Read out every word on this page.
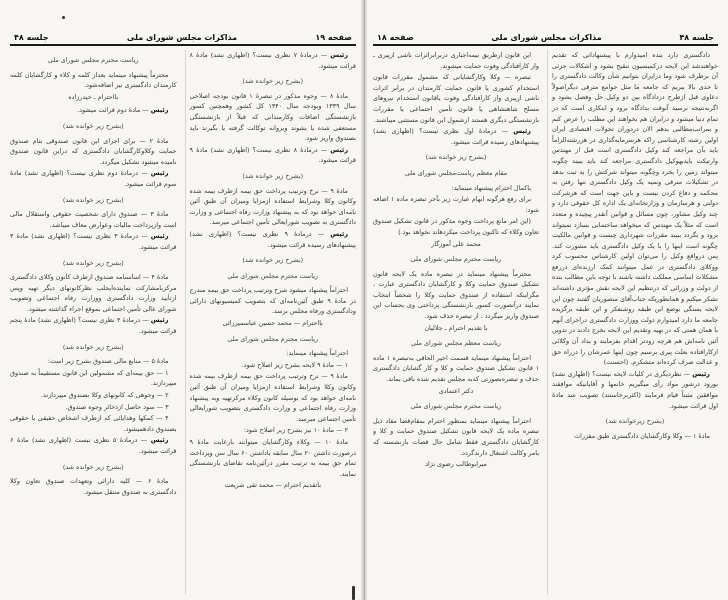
صفحه ۱۹
مذاکرات مجلس شورای ملی
جلسه ۴۸

رئیس — درمادهٔ ۷ نظری نیست؟ (اظهاری نشد) مادهٔ ۸ قرائت میشود.

(بشرح زیر خوانده شد)

مادهٔ ۸ — وجوه مذکور در تبصرهٔ ۱ قانون بودجه اصلاحی سال ۱۳۳۹ وبودجه سال ۱۳۴۰ کل کشور وهمچنین کسور بازنشستگی اضافات وکارمندانی که قبلاً از بازنشستگی مستعفی شده یا بشوند ویروانه توکالت گرفته یا بگیرند باید بصندوق واریز شود.

رئیس — درمادهٔ ۸ نظری نیست؟ (اظهاری نشد) مادهٔ ۹ قرائت میشود.

(بشرح زیر خوانده شد)

مادهٔ ۹ — نرخ وترتیب پرداخت حق بیمه ازطرف بیمه شده وکانون وکلا وشرایط استفاده ازمزایا ومیزان آن طبق آئین نامه‌ای خواهد بود که به پیشنهاد وزارت رفاه اجتماعی و وزارت دادگستری به تصویب شورایعالی تأمین اجتماعی میرسد.

رئیس — درمادهٔ ۹ نظری نیست؟ (اظهاری نشد) پیشنهادهای رسیده قرائت میشود.

(بشرح زیر خوانده شد)

ریاست محترم مجلس شورای ملی

احتراماً پیشنهاد میشود شرح وترتیب پرداخت حق بیمه مندرج در مادهٔ ۹ طبق آئین‌نامه‌ای که بتصویب کمیسیونهای دارائی ودادگستری ورفاه مجلس برسد.

بااحترام — محمد حسین عباسمیرزائی

ریاست محترم مجلس شورای ملی

احتراماً پیشنهاد مینماید:

۱ — مادهٔ ۹ لایحه بشرح زیر اصلاح شود.

مادهٔ ۹ — نرخ وترتیب پرداخت حق بیمه ازطرف بیمه شده وکانون وکلا وشرایط استفاده ازمزایا ومیزان آن طبق آئین نامه‌ای خواهد بود که بوسیله کانون وکلاء مرکزتهیه وبه پیشنهاد وزارت رفاه اجتماعی و وزارت دادگستری بتصویب شورایعالی تأمین اجتماعی میرسد.

۲ — مادهٔ ۱۰ نیز بشرح زیر اصلاح شود:

مادهٔ ۱۰ — وکلاء وکارگشایان میتوانند بارعایت مادهٔ ۹ درصورت داشتن ۲۰ سال سابقه باداشتن ۶۰ سال سن وپرداخت تمام حق بیمه به ترتیب مقرر درآئین‌نامه تقاضای بازنشستگی نمایند.

باتقدیم احترام — محمد تقی شریعت

ریاست محترم مجلس شورای ملی

محترماً پیشنهاد مینماید بعداز کلمه و کلاء و کارگشایان کلمه کارمندان دادگستری نیز اضافه‌شود.

بااحترام ـ حیدرزاده

رئیس — مادهٔ دوم قرائت میشود.

(بشرح زیر خوانده شد)

مادهٔ ۲ — برای اجرای این قانون صندوقی بنام صندوق حمایت وکلاوکارگشایان دادگستری که دراین قانون صندوق نامیده میشود تشکیل میگردد.

رئیس — درمادهٔ دوم نظری نیست؟ (اظهاری نشد) مادهٔ سوم قرائت میشود.

(بشرح زیر خوانده شد)

مادهٔ ۳ — صندوق دارای شخصیت حقوقی واستقلال مالی است وازپرداخت مالیات وعوارض معاف میباشد.

رئیس — درمادهٔ ۳ نظری نیست؟ (اظهاری نشد) مادهٔ ۴ قرائت میشود.

(بشرح زیر خوانده شد)

مادهٔ ۴ — اساسنامه صندوق ازطرف کانون وکلای دادگستری مرکزبامشارکت نماینده‌ایجلب نظرکانونهای دیگر تهیه وپس ازتأیید وزارت دادگستری ووزارت رفاه اجتماعی وتصویب شورای عالی تأمین اجتماعی بموقع اجراء گذاشته میشود.

رئیس — درمادهٔ ۴ نظری نیست؟ (اظهاری نشد) مادهٔ پنجم قرائت میشود.

(بشرح زیر خوانده شد)

مادهٔ ۵ — منابع مالی صندوق بشرح زیر است:

۱ — حق بیمه‌ای که مشمولین این قانون مستقیماً به صندوق میپردازند.

۲ — وجوهی که کانونهای وکلا بصندوق میپردازند.

۳ — سود حاصل ازذخائر وجوه صندوق.

۴ — کمکها وهدایائی که ازطرف اشخاص حقیقی یا حقوقی بصندوق دادهمیشود.

رئیس — درمادهٔ ۵ نظری نیست (اظهاری نشد) مادهٔ ۶ قرائت میشود.

(بشرح زیر خوانده شد)

مادهٔ ۶ — کلیه دارائی وتعهدات صندوق تعاون وکلا دادگستری به صندوق منتقل میشود.

جلسه ۴۸
مذاکرات مجلس شورای ملی
صفحه ۱۸

دادگستری دارد بنده امیدوارم با پیشنهاداتی که تقدیم خواهندشد این لایحه درکمیسیون تنقیح بشود و اشکالات جزئی آن برطرف شود وما درایران بتوانیم شأن وکالت دادگستری را تا حدی بالا ببریم که جامعه ما مثل جوامع مترقی دیگراصولاً دعاوی قبل ازطرح درداد‌گاه بین دو وکیل حل وفصل بشود و اگرنه‌نتیجه نرسید آنوقت بدادگاه برود و ابتکاری است که در تمام دنیا میشود و درایران هم بخواهند این مطلب را عرض کنم و بمراتب‌مطالبی بدهم الان دردوران تحولات اقتصادی ایران اولین رشته کارشناسی راکه هرسرمایه‌گذاری در هررشته‌الزاماً باید بآن مراجعه کند وکیل دادگستری است قبل از مهندس وارتیکت بایدبهوکیل دادگستری مراجعه کند باید ببیند چگونه میتواند زمین را بخرد وچگونه میتواند شرکتش را به ثبت بدهد در تشکیلات مترقی ونمیه یک وکیل دادگستری تنها رفتن به محکمه و دفاع کردن نیست و باین جهت است که هرشرکت دولتی و هرسازمان و وزارتخانه‌ای یک اداره کل حقوقی دارد و چند وکیل مشاور، چون مسائل و قوانین آنقدر پیچیده و متعدد است که مثلاً یک مهندس که میخواهد ساختمانی بسازد نمیتواند برود و بگردد ببیند مقررات شهرداری چیست و قوانین مالکیت چگونه است اینها را با یک وکیل دادگستری باید مشورت کند. پس درواقع وکیل را می‌توان اولین کارشناس محسوب کرد ووکلای دادگستری در عمل میتوانند کمک ارزنده‌ای دررفع مشکلات اساسی مملکت داشته باشند با توجه باین مطالب بنده از دولت و وزرائی که درتنظیم این لایحه نقش مؤثری داشته‌اند تشکر میکنم و همانطوریکه جناب‌آقای منصوریان گفتند چون این لایحه بستگی بوضع این طبقه روشنفکر و این طبقه برگزیده جامعه ما دارد امیدوارم دولت ووزارت دادگستری دراجرای آنهم با همان همتی که در تهیه وتقدیم این لایحه بخرج دادند در تدوین آئین نامه‌اش هم هرچه زودتر اقدام بفرمایند و بداد آن وکلائی ازکارافتاده بعلت پیری برسیم چون اینها عمرشان را درراه حق و عدالت صرف کرده‌اند متشکرم. (احسنت)

رئیس — نظردیگری در کلیات لایحه نیست؟ (اظهاری نشد) بورود درشور مواد رأی میگیریم خانمها و آقایانیکه موافقند موافقین مثبتاً قیام فرمایند (اکثربرخاستند) تصویب شد مادهٔ اول قرائت میشود.

(بشرح زیرخوانده شد)

مادهٔ ۱ — وکلا وکارگشایان دادگستری طبق مقررات

این قانون ازطریق بیمه‌اجباری دربرابراثرات ناشی ازپیری ـ واز کارافتادگی وفوت حمایت میشوند.

تبصره — وکلا وکارگشایانی که مشمول مقررات قانون استخدام کشوری یا قانون حمایت کارمندان در برابر اثرات ناشی ازپیری واز کارافتادگی وفوت یاقانون استخدام نیروهای مسلح شاهنشاهی یا قانون تأمین اجتماعی یا مقررات بازنشستگی دیگری هستند ازشمول این قانون مستثنی میباشند.

رئیس — درمادهٔ اول نظری نیست؟ (اظهاری نشد) پیشنهادهای رسیده قرائت میشود.

(بشرح زیر خوانده شد)

مقام معظم ریاست‌مجلس شورای ملی

باکمال احترام پیشنهاد مینماید:

برای رفع هرگونه ابهام عبارت زیر بآخر تبصره ماده ۱ اضافه شود:

(این امر مانع پرداخت وجوه مذکور در قانون تشکیل صندوق تعاون وکلاء که تاکنون پرداخت میکردهاند نخواهد بود.)

محمد علی آموزگار

ریاست محترم مجلس شورای ملی

محترماً پیشنهاد مینماید در تبصره ماده یک لایحه قانون تشکیل صندوق حمایت وکلا و کارگشایان دادگستری عبارت ، مگراینکه استفاده از صندوق حمایت وکلا را شخصاً انتخاب نمایند درآنصورت کسور بازنشستگی پرداختی وی بحساب این صندوق واریز میگردد ، از تبصره حذف شود.

با تقدیم احترام ـ جلالیان

ریاست معظم مجلس شورای ملی

احتراماً پیشنهاد مینماید قسمت اخیر الحاقی به‌تبصره ۱ ماده ۱ قانون تشکیل صندوق حمایت و کلا و کار گشایان دادگستری حذف و تبصره‌بصورتی که‌به مجلس تقدیم شده باقی بماند.

دکتر اعتمادی

ریاست محترم مجلس شورای ملی

احتراماً پیشنهاد مینماید بمنظور احترام بمقام‌قضا مفاد ذیل تبصره ماده یک لایحه قانون تشکیل صندوق حمایت و کلا و کارگشایان دادگستری فقط شامل حال قضات بازنشسته که بامر وکالت اشتغال دارندگردد.

میرابوطالب رضوی نژاد
